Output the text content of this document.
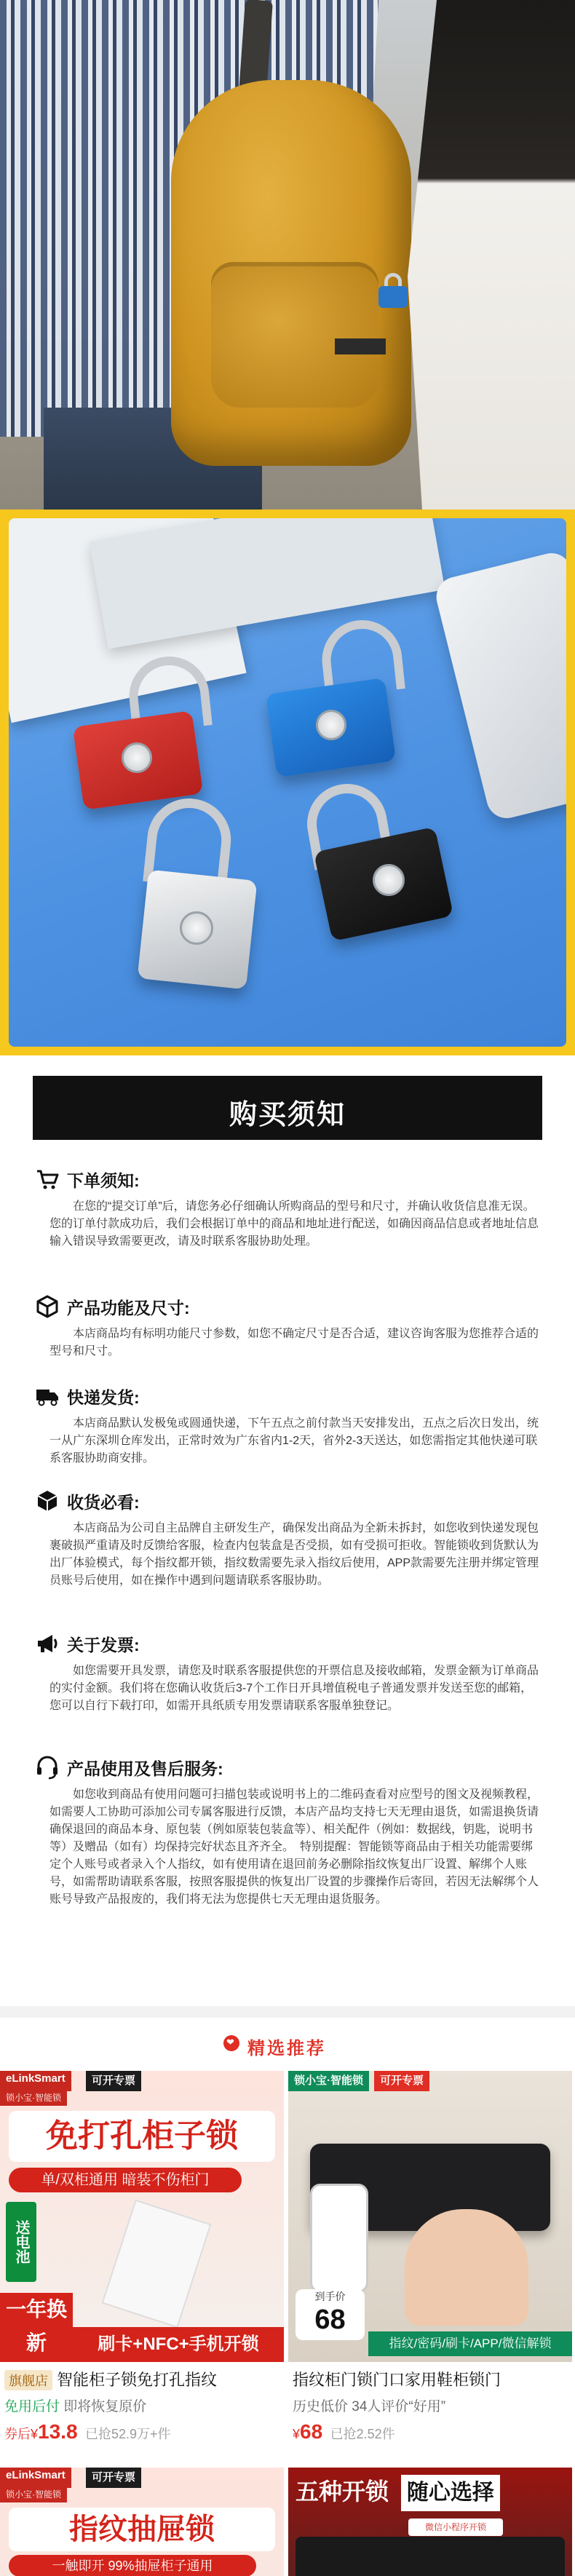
购买须知
下单须知:
在您的“提交订单”后，请您务必仔细确认所购商品的型号和尺寸，并确认收货信息准无误。　您的订单付款成功后，我们会根据订单中的商品和地址进行配送，如确因商品信息或者地址信息输入错误导致需要更改，请及时联系客服协助处理。
产品功能及尺寸:
本店商品均有标明功能尺寸参数，如您不确定尺寸是否合适，建议咨询客服为您推荐合适的型号和尺寸。
快递发货:
本店商品默认发极兔或圆通快递，下午五点之前付款当天安排发出，五点之后次日发出，统一从广东深圳仓库发出，正常时效为广东省内1-2天，省外2-3天送达，如您需指定其他快递可联系客服协助商安排。
收货必看:
本店商品为公司自主品牌自主研发生产，确保发出商品为全新未拆封，如您收到快递发现包裹破损严重请及时反馈给客服，检查内包装盒是否受损，如有受损可拒收。智能锁收到货默认为出厂体验模式，每个指纹都开锁，指纹数需要先录入指纹后使用，APP款需要先注册并绑定管理员账号后使用，如在操作中遇到问题请联系客服协助。
关于发票:
如您需要开具发票，请您及时联系客服提供您的开票信息及接收邮箱，发票金额为订单商品的实付金额。我们将在您确认收货后3-7个工作日开具增值税电子普通发票并发送至您的邮箱，您可以自行下载打印，如需开具纸质专用发票请联系客服单独登记。
产品使用及售后服务:
如您收到商品有使用问题可扫描包装或说明书上的二维码查看对应型号的图文及视频教程，如需要人工协助可添加公司专属客服进行反馈，本店产品均支持七天无理由退货，如需退换货请确保退回的商品本身、原包装（例如原装包装盒等）、相关配件（例如：数据线，钥匙，说明书等）及赠品（如有）均保持完好状态且齐齐全。　特别提醒：智能锁等商品由于相关功能需要绑定个人账号或者录入个人指纹，如有使用请在退回前务必删除指纹恢复出厂设置、解绑个人账号，如需帮助请联系客服，按照客服提供的恢复出厂设置的步骤操作后寄回，若因无法解绑个人账号导致产品报废的，我们将无法为您提供七天无理由退货服务。
❤
精选推荐
eLinkSmart
锁小宝·智能锁
可开专票
免打孔柜子锁
单/双柜通用 暗装不伤柜门
送电池
一年换新	刷卡+NFC+手机开锁
旗舰店 智能柜子锁免打孔指纹
免用后付 即将恢复原价
券后¥13.8 已抢52.9万+件
锁小宝·智能锁	可开专票
到手价
68
指纹/密码/刷卡/APP/微信解锁
指纹柜门锁门口家用鞋柜锁门
历史低价 34人评价“好用”
¥68 已抢2.52件
eLinkSmart
锁小宝·智能锁
可开专票
指纹抽屉锁
一触即开 99%抽屉柜子通用
五种开锁 随心选择
微信小程序开锁
